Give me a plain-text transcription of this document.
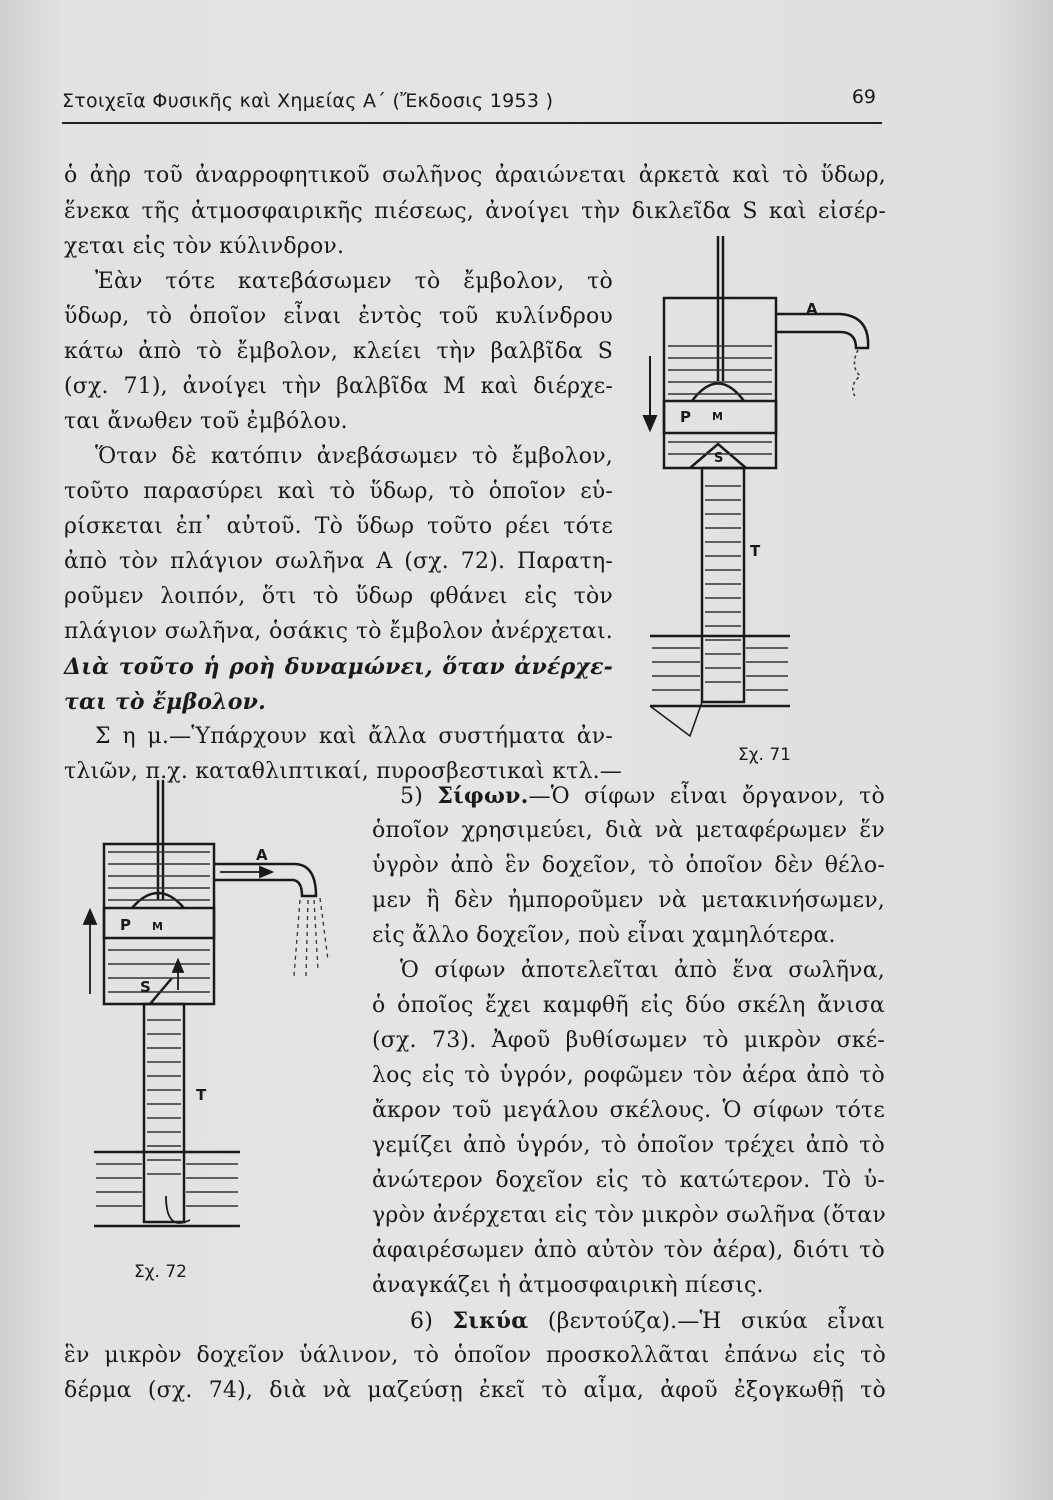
Στοιχεῖα Φυσικῆς καὶ Χημείας Α΄ (Ἔκδοσις 1953 )	69
ὁ ἀὴρ τοῦ ἀναρροφητικοῦ σωλῆνος ἀραιώνεται ἀρκετὰ καὶ τὸ ὕδωρ,
ἕνεκα τῆς ἀτμοσφαιρικῆς πιέσεως, ἀνοίγει τὴν δικλεῖδα S καὶ εἰσέρ-
χεται εἰς τὸν κύλινδρον.
Ἐὰν τότε κατεβάσωμεν τὸ ἔμβολον, τὸ
ὕδωρ, τὸ ὁποῖον εἶναι ἐντὸς τοῦ κυλίνδρου
κάτω ἀπὸ τὸ ἔμβολον, κλείει τὴν βαλβῖδα S
(σχ. 71), ἀνοίγει τὴν βαλβῖδα Μ καὶ διέρχε-
ται ἄνωθεν τοῦ ἐμβόλου.
Ὅταν δὲ κατόπιν ἀνεβάσωμεν τὸ ἔμβολον,
τοῦτο παρασύρει καὶ τὸ ὕδωρ, τὸ ὁποῖον εὑ-
ρίσκεται ἐπ᾽ αὐτοῦ. Τὸ ὕδωρ τοῦτο ρέει τότε
ἀπὸ τὸν πλάγιον σωλῆνα Α (σχ. 72). Παρατη-
ροῦμεν λοιπόν, ὅτι τὸ ὕδωρ φθάνει εἰς τὸν
πλάγιον σωλῆνα, ὁσάκις τὸ ἔμβολον ἀνέρχεται.
Διὰ τοῦτο ἡ ροὴ δυναμώνει, ὅταν ἀνέρχε-
ται τὸ ἔμβολον.
Σ η μ.—Ὑπάρχουν καὶ ἄλλα συστήματα ἀν-
τλιῶν, π.χ. καταθλιπτικαί, πυροσβεστικαὶ κτλ.—
5) Σίφων.—Ὁ σίφων εἶναι ὄργανον, τὸ
ὁποῖον χρησιμεύει, διὰ νὰ μεταφέρωμεν ἕν
ὑγρὸν ἀπὸ ἓν δοχεῖον, τὸ ὁποῖον δὲν θέλο-
μεν ἢ δὲν ἠμποροῦμεν νὰ μετακινήσωμεν,
εἰς ἄλλο δοχεῖον, ποὺ εἶναι χαμηλότερα.
Ὁ σίφων ἀποτελεῖται ἀπὸ ἕνα σωλῆνα,
ὁ ὁποῖος ἔχει καμφθῆ εἰς δύο σκέλη ἄνισα
(σχ. 73). Ἀφοῦ βυθίσωμεν τὸ μικρὸν σκέ-
λος εἰς τὸ ὑγρόν, ροφῶμεν τὸν ἀέρα ἀπὸ τὸ
ἄκρον τοῦ μεγάλου σκέλους. Ὁ σίφων τότε
γεμίζει ἀπὸ ὑγρόν, τὸ ὁποῖον τρέχει ἀπὸ τὸ
ἀνώτερον δοχεῖον εἰς τὸ κατώτερον. Τὸ ὑ-
γρὸν ἀνέρχεται εἰς τὸν μικρὸν σωλῆνα (ὅταν
ἀφαιρέσωμεν ἀπὸ αὐτὸν τὸν ἀέρα), διότι τὸ
ἀναγκάζει ἡ ἀτμοσφαιρικὴ πίεσις.
6) Σικύα (βεντούζα).—Ἡ σικύα εἶναι
ἓν μικρὸν δοχεῖον ὑάλινον, τὸ ὁποῖον προσκολλᾶται ἐπάνω εἰς τὸ
δέρμα (σχ. 74), διὰ νὰ μαζεύσῃ ἐκεῖ τὸ αἷμα, ἀφοῦ ἐξογκωθῇ τὸ
A
P M
S
T
Σχ. 71
A
P M
S
T
Σχ. 72
